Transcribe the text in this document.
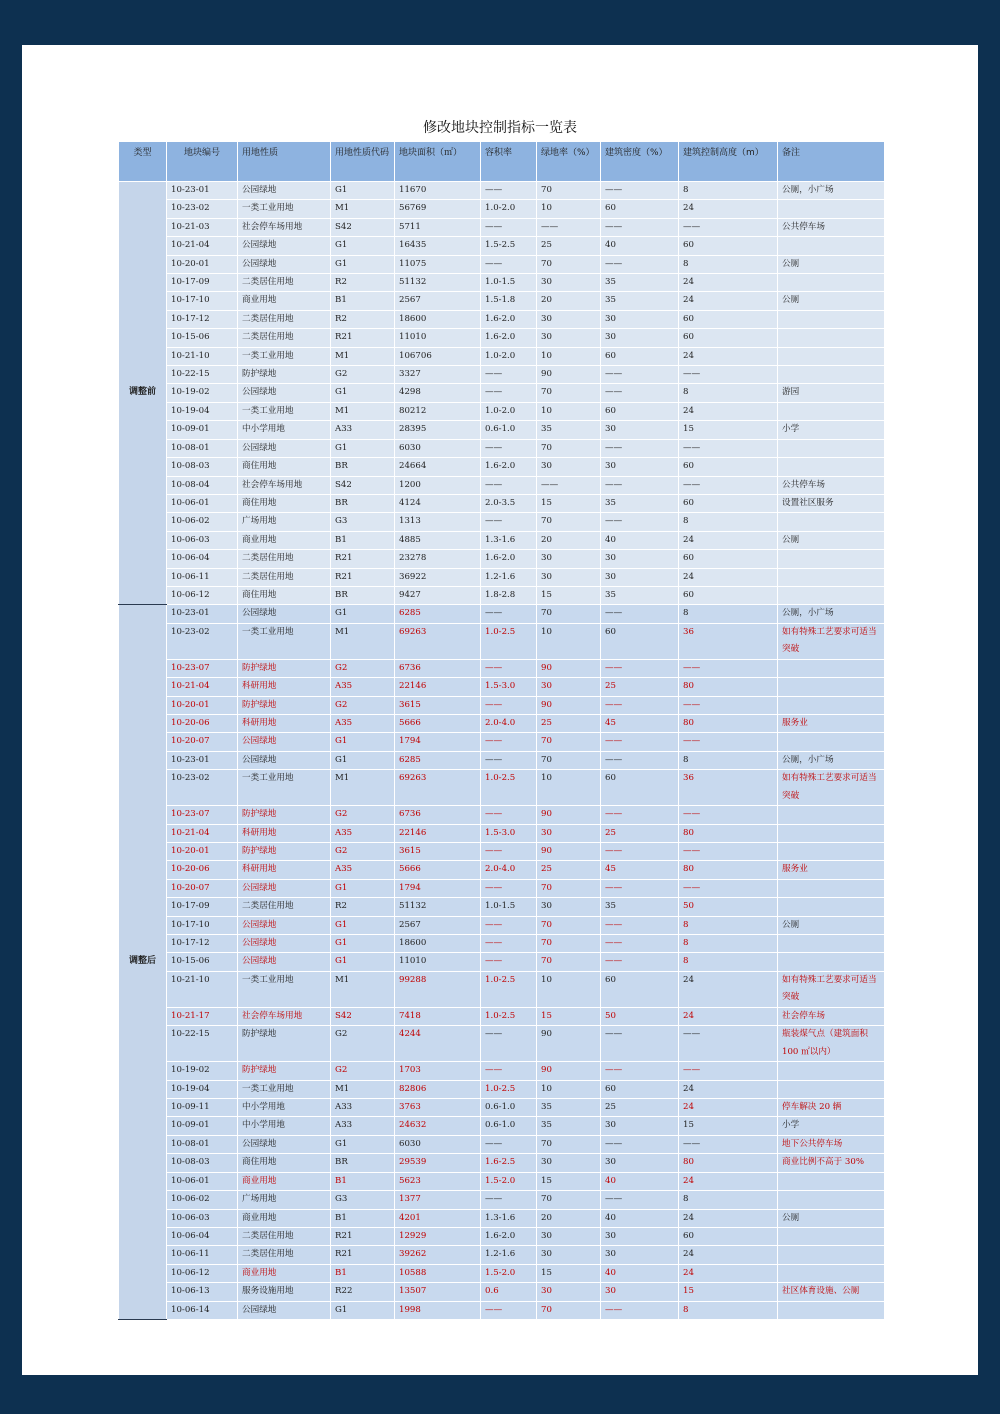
修改地块控制指标一览表
类型	地块编号	用地性质	用地性质代码	地块面积（㎡）	容积率	绿地率（%）	建筑密度（%）	建筑控制高度（m）	备注
调整前	10-23-01	公园绿地	G1	11670	——	70	——	8	公厕，小广场
	10-23-02	一类工业用地	M1	56769	1.0-2.0	10	60	24	
	10-21-03	社会停车场用地	S42	5711	——	——	——	——	公共停车场
	10-21-04	公园绿地	G1	16435	1.5-2.5	25	40	60	
	10-20-01	公园绿地	G1	11075	——	70	——	8	公厕
	10-17-09	二类居住用地	R2	51132	1.0-1.5	30	35	24	
	10-17-10	商业用地	B1	2567	1.5-1.8	20	35	24	公厕
	10-17-12	二类居住用地	R2	18600	1.6-2.0	30	30	60	
	10-15-06	二类居住用地	R21	11010	1.6-2.0	30	30	60	
	10-21-10	一类工业用地	M1	106706	1.0-2.0	10	60	24	
	10-22-15	防护绿地	G2	3327	——	90	——	——	
	10-19-02	公园绿地	G1	4298	——	70	——	8	游园
	10-19-04	一类工业用地	M1	80212	1.0-2.0	10	60	24	
	10-09-01	中小学用地	A33	28395	0.6-1.0	35	30	15	小学
	10-08-01	公园绿地	G1	6030	——	70	——	——	
	10-08-03	商住用地	BR	24664	1.6-2.0	30	30	60	
	10-08-04	社会停车场用地	S42	1200	——	——	——	——	公共停车场
	10-06-01	商住用地	BR	4124	2.0-3.5	15	35	60	设置社区服务
	10-06-02	广场用地	G3	1313	——	70	——	8	
	10-06-03	商业用地	B1	4885	1.3-1.6	20	40	24	公厕
	10-06-04	二类居住用地	R21	23278	1.6-2.0	30	30	60	
	10-06-11	二类居住用地	R21	36922	1.2-1.6	30	30	24	
	10-06-12	商住用地	BR	9427	1.8-2.8	15	35	60	
调整后	10-23-01	公园绿地	G1	6285	——	70	——	8	公厕，小广场
	10-23-02	一类工业用地	M1	69263	1.0-2.5	10	60	36	如有特殊工艺要求可适当突破
	10-23-07	防护绿地	G2	6736	——	90	——	——	
	10-21-04	科研用地	A35	22146	1.5-3.0	30	25	80	
	10-20-01	防护绿地	G2	3615	——	90	——	——	
	10-20-06	科研用地	A35	5666	2.0-4.0	25	45	80	服务业
	10-20-07	公园绿地	G1	1794	——	70	——	——	
	10-23-01	公园绿地	G1	6285	——	70	——	8	公厕，小广场
	10-23-02	一类工业用地	M1	69263	1.0-2.5	10	60	36	如有特殊工艺要求可适当突破
	10-23-07	防护绿地	G2	6736	——	90	——	——	
	10-21-04	科研用地	A35	22146	1.5-3.0	30	25	80	
	10-20-01	防护绿地	G2	3615	——	90	——	——	
	10-20-06	科研用地	A35	5666	2.0-4.0	25	45	80	服务业
	10-20-07	公园绿地	G1	1794	——	70	——	——	
	10-17-09	二类居住用地	R2	51132	1.0-1.5	30	35	50	
	10-17-10	公园绿地	G1	2567	——	70	——	8	公厕
	10-17-12	公园绿地	G1	18600	——	70	——	8	
	10-15-06	公园绿地	G1	11010	——	70	——	8	
	10-21-10	一类工业用地	M1	99288	1.0-2.5	10	60	24	如有特殊工艺要求可适当突破
	10-21-17	社会停车场用地	S42	7418	1.0-2.5	15	50	24	社会停车场
	10-22-15	防护绿地	G2	4244	——	90	——	——	瓶装煤气点（建筑面积 100 ㎡以内）
	10-19-02	防护绿地	G2	1703	——	90	——	——	
	10-19-04	一类工业用地	M1	82806	1.0-2.5	10	60	24	
	10-09-11	中小学用地	A33	3763	0.6-1.0	35	25	24	停车解决 20 辆
	10-09-01	中小学用地	A33	24632	0.6-1.0	35	30	15	小学
	10-08-01	公园绿地	G1	6030	——	70	——	——	地下公共停车场
	10-08-03	商住用地	BR	29539	1.6-2.5	30	30	80	商业比例不高于 30%
	10-06-01	商业用地	B1	5623	1.5-2.0	15	40	24	
	10-06-02	广场用地	G3	1377	——	70	——	8	
	10-06-03	商业用地	B1	4201	1.3-1.6	20	40	24	公厕
	10-06-04	二类居住用地	R21	12929	1.6-2.0	30	30	60	
	10-06-11	二类居住用地	R21	39262	1.2-1.6	30	30	24	
	10-06-12	商业用地	B1	10588	1.5-2.0	15	40	24	
	10-06-13	服务设施用地	R22	13507	0.6	30	30	15	社区体育设施、公厕
	10-06-14	公园绿地	G1	1998	——	70	——	8	
